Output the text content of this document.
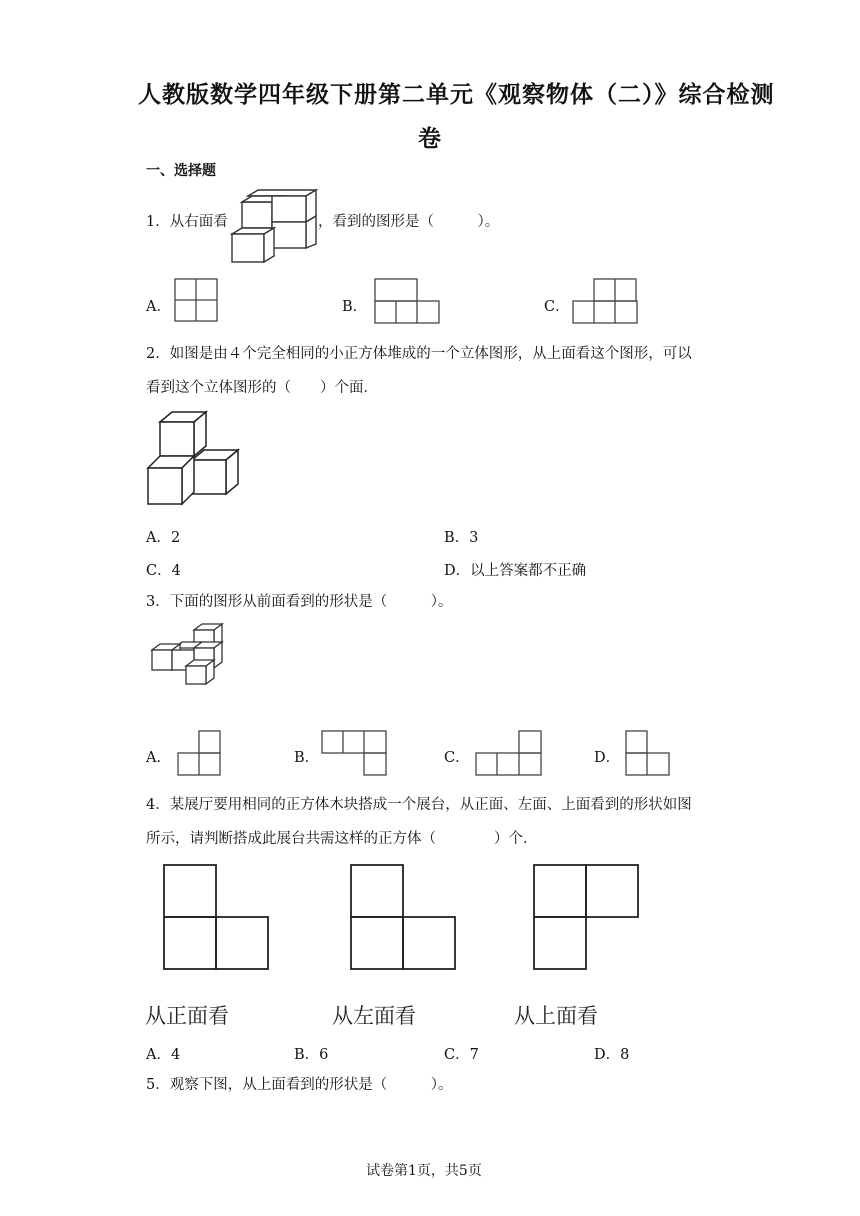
人教版数学四年级下册第二单元《观察物体（二）》综合检测
卷
一、选择题
1．从右面看	，看到的图形是（　　　）。
A．	B．	C．
2．如图是由４个完全相同的小正方体堆成的一个立体图形，从上面看这个图形，可以
看到这个立体图形的（　　）个面．
A．2	B．3
C．4	D．以上答案都不正确
3．下面的图形从前面看到的形状是（　　　）。
A．	B．	C．	D．
4．某展厅要用相同的正方体木块搭成一个展台，从正面、左面、上面看到的形状如图
所示，请判断搭成此展台共需这样的正方体（　　　　）个．
从正面看	从左面看	从上面看
A．4	B．6	C．7	D．8
5．观察下图，从上面看到的形状是（　　　）。
试卷第1页，共5页
